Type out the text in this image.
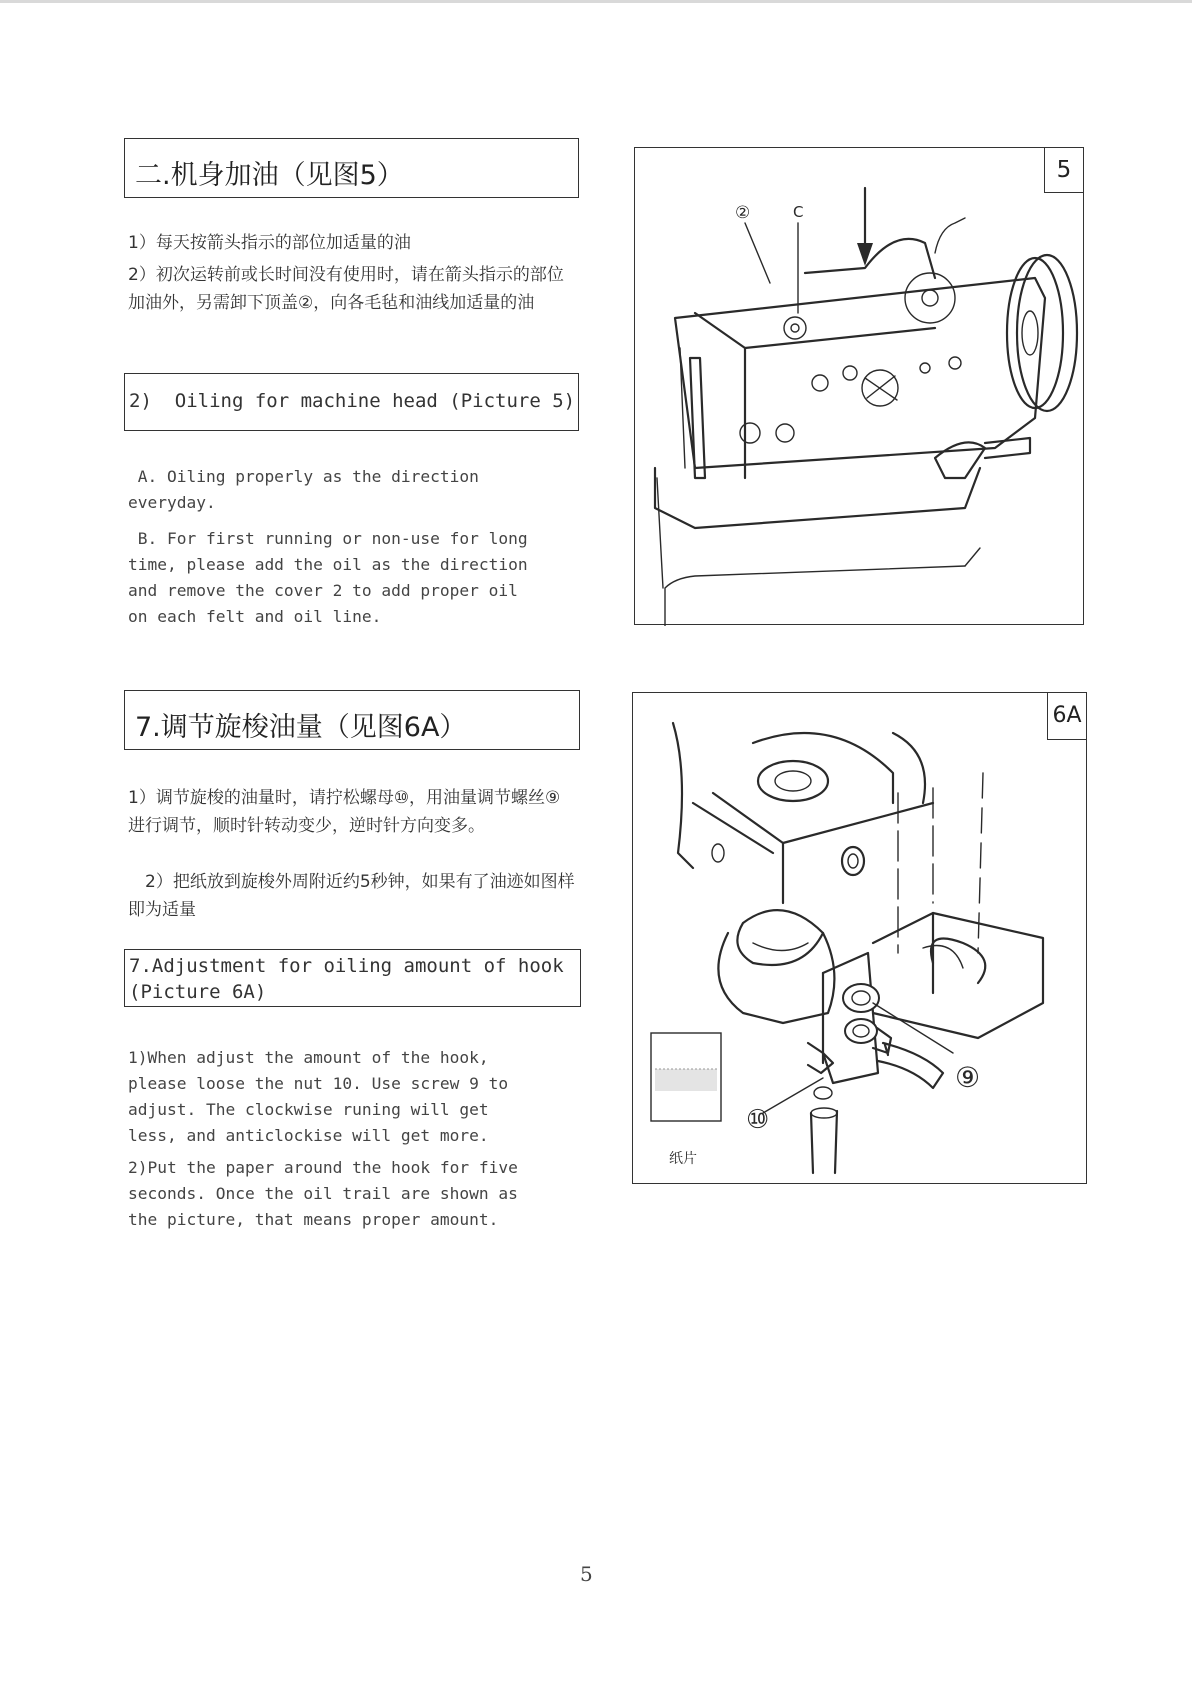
二.机身加油（见图5）

1）每天按箭头指示的部位加适量的油

2）初次运转前或长时间没有使用时，请在箭头指示的部位加油外，另需卸下顶盖②，向各毛毡和油线加适量的油

2)  Oiling for machine head (Picture 5)

A. Oiling properly as the direction
everyday.

B. For first running or non-use for long
time, please add the oil as the direction
and remove the cover 2 to add proper oil
on each felt and oil line.

②	C
5
7.调节旋梭油量（见图6A）

1）调节旋梭的油量时，请拧松螺母⑩，用油量调节螺丝⑨进行调节，顺时针转动变少，逆时针方向变多。

　2）把纸放到旋梭外周附近约5秒钟，如果有了油迹如图样即为适量

7.Adjustment for oiling amount of hook
(Picture 6A)

1)When adjust the amount of the hook,
please loose the nut 10. Use screw 9 to
adjust. The clockwise runing will get
less, and anticlockise will get more.

2)Put the paper around the hook for five
seconds. Once the oil trail are shown as
the picture, that means proper amount.

⑨
⑩
纸片
6A
5
